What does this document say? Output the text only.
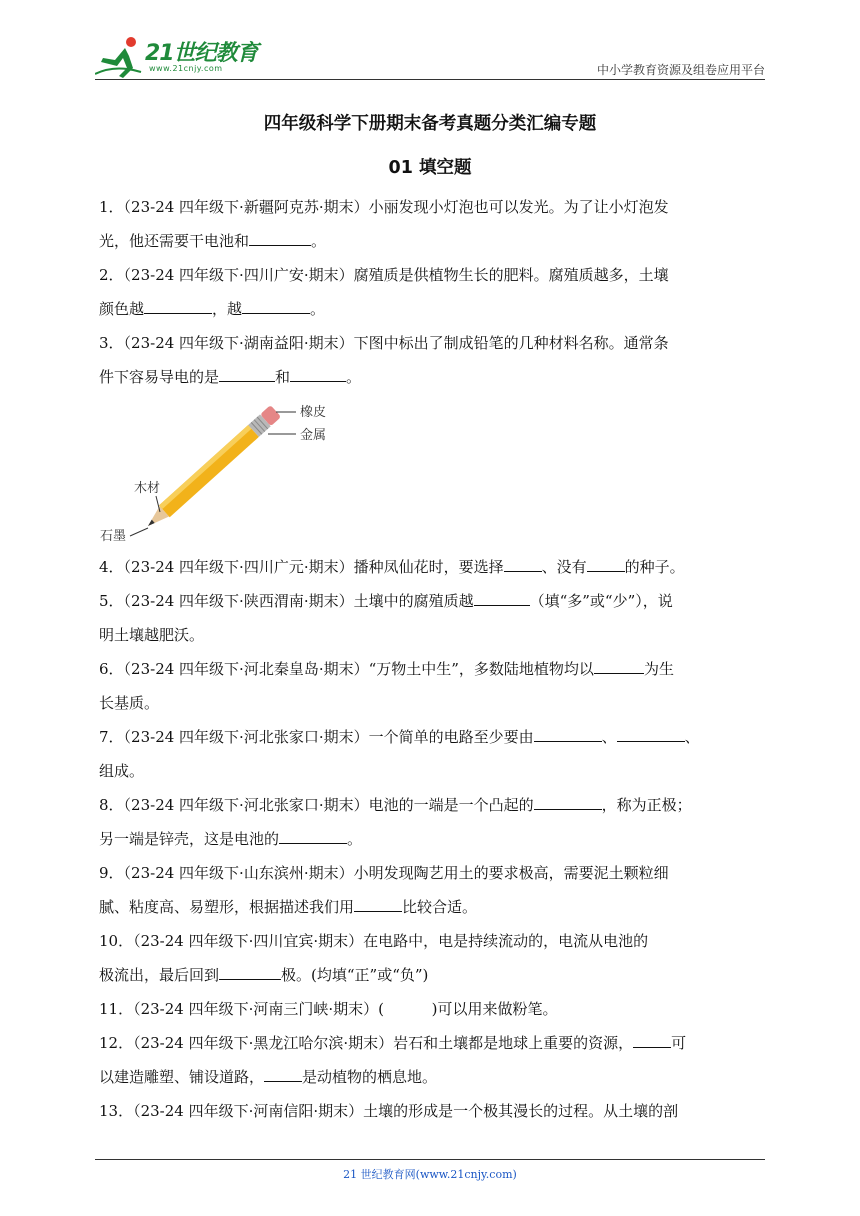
21世纪教育
www.21cnjy.com	中小学教育资源及组卷应用平台
四年级科学下册期末备考真题分类汇编专题
01 填空题
1．（23-24 四年级下·新疆阿克苏·期末）小丽发现小灯泡也可以发光。为了让小灯泡发
光，他还需要干电池和	。
2．（23-24 四年级下·四川广安·期末）腐殖质是供植物生长的肥料。腐殖质越多，土壤
颜色越	，越	。
3．（23-24 四年级下·湖南益阳·期末）下图中标出了制成铅笔的几种材料名称。通常条
件下容易导电的是	和	。
橡皮
金属
木材
石墨
4．（23-24 四年级下·四川广元·期末）播种凤仙花时，要选择	、没有	的种子。
5．（23-24 四年级下·陕西渭南·期末）土壤中的腐殖质越	（填“多”或“少”），说
明土壤越肥沃。
6．（23-24 四年级下·河北秦皇岛·期末）“万物土中生”，多数陆地植物均以	为生
长基质。
7．（23-24 四年级下·河北张家口·期末）一个简单的电路至少要由	、	、
组成。
8．（23-24 四年级下·河北张家口·期末）电池的一端是一个凸起的	，称为正极；
另一端是锌壳，这是电池的	。
9．（23-24 四年级下·山东滨州·期末）小明发现陶艺用土的要求极高，需要泥土颗粒细
腻、粘度高、易塑形，根据描述我们用	比较合适。
10．（23-24 四年级下·四川宜宾·期末）在电路中，电是持续流动的，电流从电池的
极流出，最后回到	极。(均填“正”或“负”)
11．（23-24 四年级下·河南三门峡·期末）(          )可以用来做粉笔。
12．（23-24 四年级下·黑龙江哈尔滨·期末）岩石和土壤都是地球上重要的资源，	可
以建造雕塑、铺设道路，	是动植物的栖息地。
13．（23-24 四年级下·河南信阳·期末）土壤的形成是一个极其漫长的过程。从土壤的剖
21 世纪教育网(www.21cnjy.com)
